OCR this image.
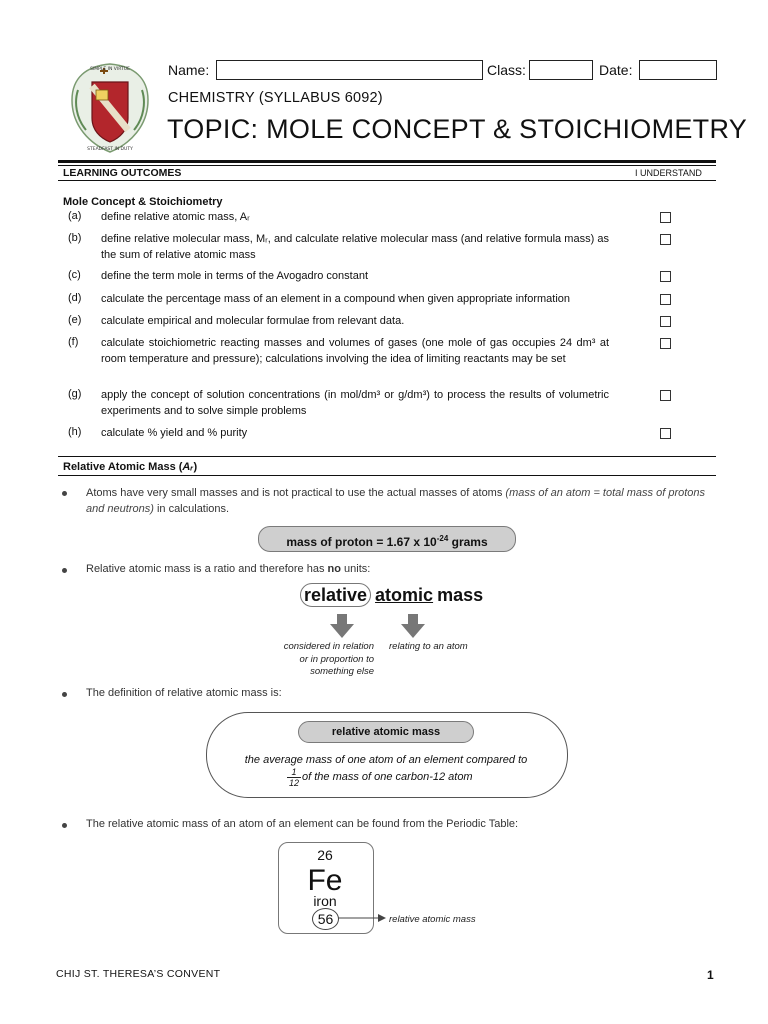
SIMPLE IN VIRTUE
STEADFAST IN DUTY
Name:	Class:	Date:
CHEMISTRY (SYLLABUS 6092)
TOPIC: MOLE CONCEPT & STOICHIOMETRY
LEARNING OUTCOMES	I UNDERSTAND
Mole Concept & Stoichiometry
(a) define relative atomic mass, Aᵣ
(b) define relative molecular mass, Mᵣ, and calculate relative molecular mass (and relative formula mass) as the sum of relative atomic mass
(c) define the term mole in terms of the Avogadro constant
(d) calculate the percentage mass of an element in a compound when given appropriate information
(e) calculate empirical and molecular formulae from relevant data.
(f) calculate stoichiometric reacting masses and volumes of gases (one mole of gas occupies 24 dm³ at room temperature and pressure); calculations involving the idea of limiting reactants may be set
(g) apply the concept of solution concentrations (in mol/dm³ or g/dm³) to process the results of volumetric experiments and to solve simple problems
(h) calculate % yield and % purity
Relative Atomic Mass (Aᵣ)
Atoms have very small masses and is not practical to use the actual masses of atoms (mass of an atom = total mass of protons and neutrons) in calculations.
mass of proton = 1.67 x $10^{-24}$ grams
Relative atomic mass is a ratio and therefore has no units:
relative atomic mass
considered in relation
or in proportion to
something else
relating to an atom
The definition of relative atomic mass is:
relative atomic mass
the average mass of one atom of an element compared to
1
12 of the mass of one carbon-12 atom
The relative atomic mass of an atom of an element can be found from the Periodic Table:
26
Fe
iron
56	relative atomic mass
CHIJ ST. THERESA’S CONVENT	1
